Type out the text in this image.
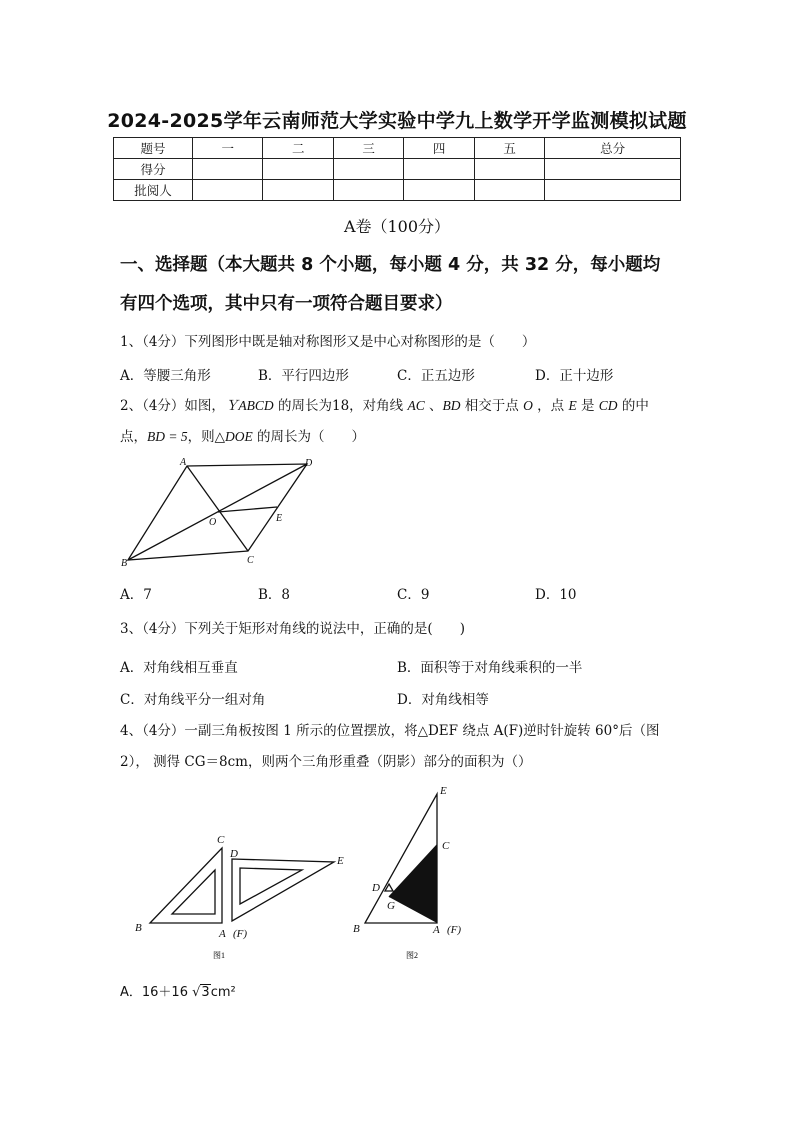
2024-2025学年云南师范大学实验中学九上数学开学监测模拟试题
题号	一	二	三	四	五	总分
得分						
批阅人						
A卷（100分）
一、选择题（本大题共 8 个小题，每小题 4 分，共 32 分，每小题均
有四个选项，其中只有一项符合题目要求）
1、（4分）下列图形中既是轴对称图形又是中心对称图形的是（　　）
A．等腰三角形	B．平行四边形	C．正五边形	D．正十边形
2、（4分）如图，ＹABCD 的周长为18，对角线 AC 、BD 相交于点 O ，点 E 是 CD 的中
点，BD = 5，则△DOE 的周长为（　　）
A	D
B	C
O	E
A．7	B．8	C．9	D．10
3、（4分）下列关于矩形对角线的说法中，正确的是(　　)
A．对角线相互垂直	B．面积等于对角线乘积的一半
C．对角线平分一组对角	D．对角线相等
4、（4分）一副三角板按图 1 所示的位置摆放，将△DEF 绕点 A(F)逆时针旋转 60°后（图
2）， 测得 CG＝8cm，则两个三角形重叠（阴影）部分的面积为（）
C
D
E
B	A (F)
图1
E
C
D
G
B	A (F)
图2
A．16＋16 √3cm²
